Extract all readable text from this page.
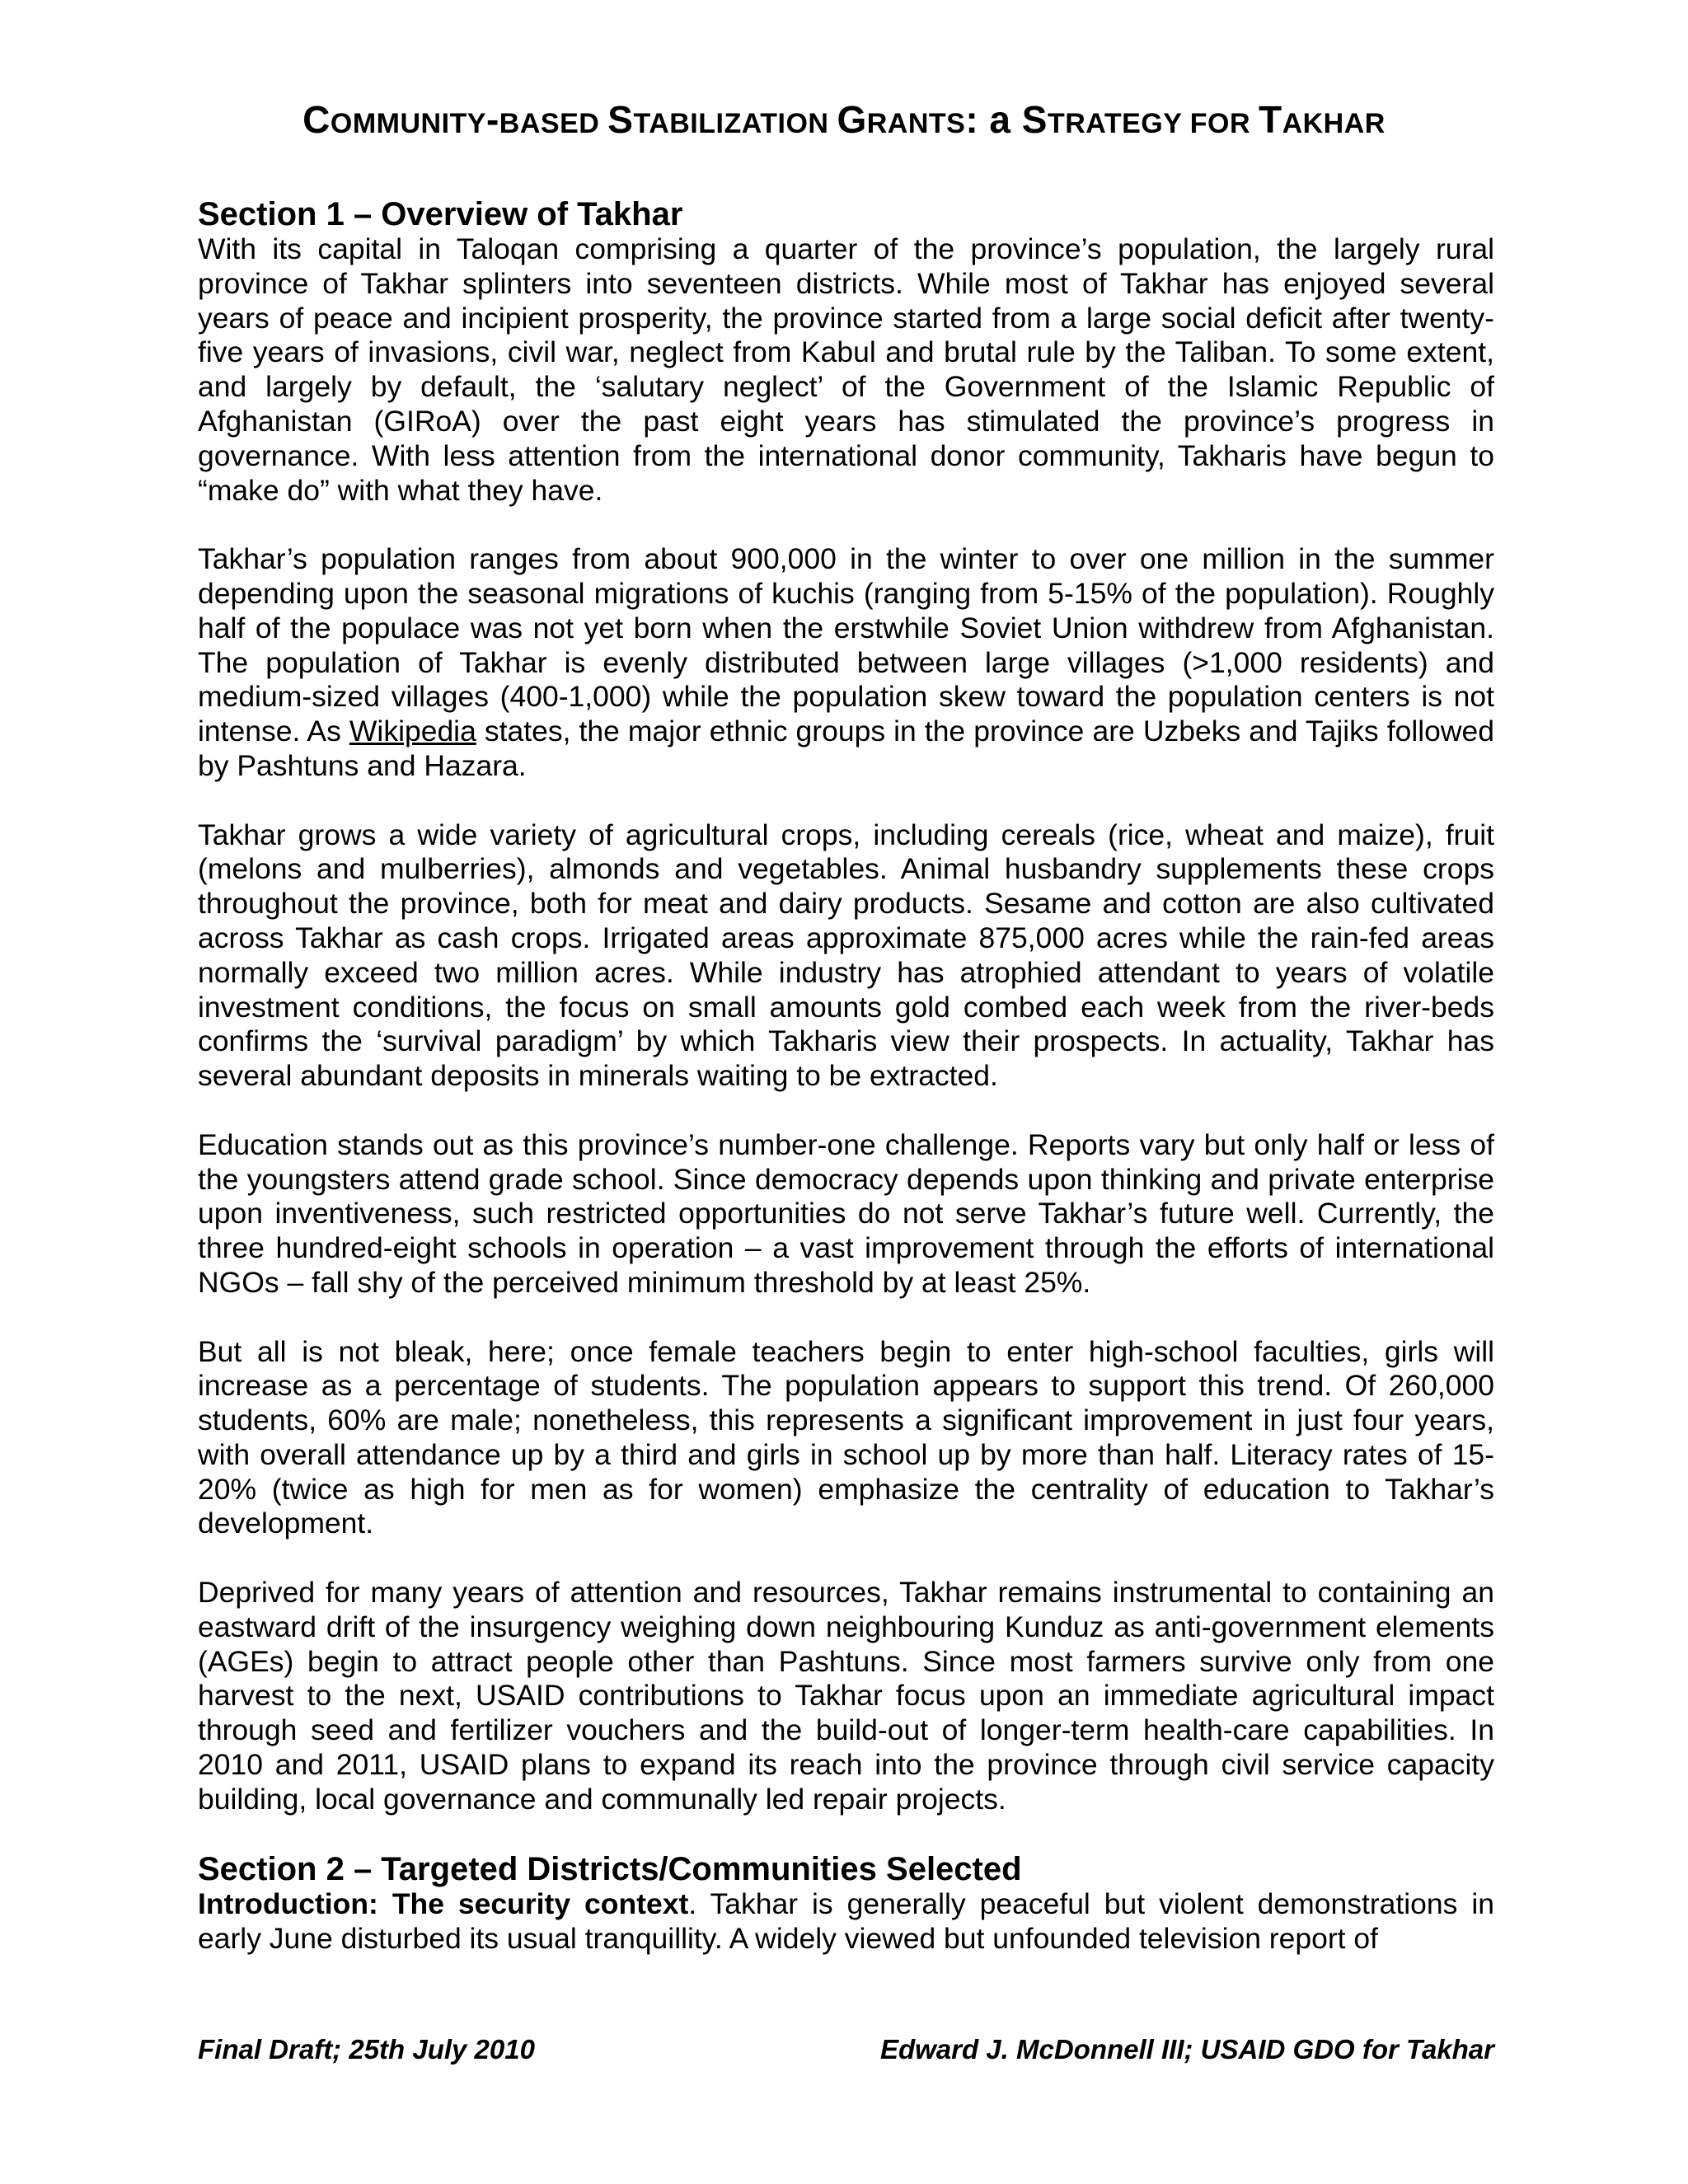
COMMUNITY-BASED STABILIZATION GRANTS: a STRATEGY FOR TAKHAR
Section 1 – Overview of Takhar

With its capital in Taloqan comprising a quarter of the province’s population, the largely rural province of Takhar splinters into seventeen districts. While most of Takhar has enjoyed several years of peace and incipient prosperity, the province started from a large social deficit after twenty-five years of invasions, civil war, neglect from Kabul and brutal rule by the Taliban. To some extent, and largely by default, the ‘salutary neglect’ of the Government of the Islamic Republic of Afghanistan (GIRoA) over the past eight years has stimulated the province’s progress in governance. With less attention from the international donor community, Takharis have begun to “make do” with what they have.

Takhar’s population ranges from about 900,000 in the winter to over one million in the summer depending upon the seasonal migrations of kuchis (ranging from 5-15% of the population). Roughly half of the populace was not yet born when the erstwhile Soviet Union withdrew from Afghanistan. The population of Takhar is evenly distributed between large villages (>1,000 residents) and medium-sized villages (400-1,000) while the population skew toward the population centers is not intense. As Wikipedia states, the major ethnic groups in the province are Uzbeks and Tajiks followed by Pashtuns and Hazara.

Takhar grows a wide variety of agricultural crops, including cereals (rice, wheat and maize), fruit (melons and mulberries), almonds and vegetables. Animal husbandry supplements these crops throughout the province, both for meat and dairy products. Sesame and cotton are also cultivated across Takhar as cash crops. Irrigated areas approximate 875,000 acres while the rain-fed areas normally exceed two million acres. While industry has atrophied attendant to years of volatile investment conditions, the focus on small amounts gold combed each week from the river-beds confirms the ‘survival paradigm’ by which Takharis view their prospects. In actuality, Takhar has several abundant deposits in minerals waiting to be extracted.

Education stands out as this province’s number-one challenge. Reports vary but only half or less of the youngsters attend grade school. Since democracy depends upon thinking and private enterprise upon inventiveness, such restricted opportunities do not serve Takhar’s future well. Currently, the three hundred-eight schools in operation – a vast improvement through the efforts of international NGOs – fall shy of the perceived minimum threshold by at least 25%.

But all is not bleak, here; once female teachers begin to enter high-school faculties, girls will increase as a percentage of students. The population appears to support this trend. Of 260,000 students, 60% are male; nonetheless, this represents a significant improvement in just four years, with overall attendance up by a third and girls in school up by more than half. Literacy rates of 15-20% (twice as high for men as for women) emphasize the centrality of education to Takhar’s development.

Deprived for many years of attention and resources, Takhar remains instrumental to containing an eastward drift of the insurgency weighing down neighbouring Kunduz as anti-government elements (AGEs) begin to attract people other than Pashtuns. Since most farmers survive only from one harvest to the next, USAID contributions to Takhar focus upon an immediate agricultural impact through seed and fertilizer vouchers and the build-out of longer-term health-care capabilities. In 2010 and 2011, USAID plans to expand its reach into the province through civil service capacity building, local governance and communally led repair projects.

Section 2 – Targeted Districts/Communities Selected

Introduction: The security context. Takhar is generally peaceful but violent demonstrations in early June disturbed its usual tranquillity. A widely viewed but unfounded television report of

Final Draft; 25th July 2010	Edward J. McDonnell III; USAID GDO for Takhar
